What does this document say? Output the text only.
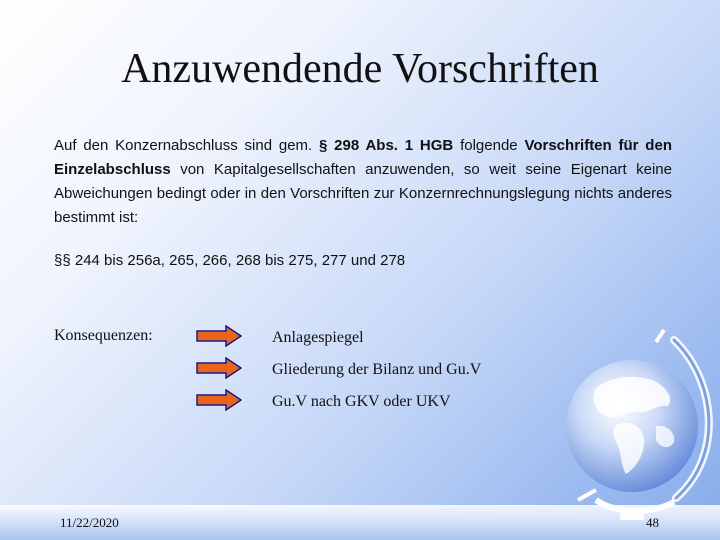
Anzuwendende Vorschriften
Auf den Konzernabschluss sind gem. § 298 Abs. 1 HGB folgende Vorschriften für den Einzelabschluss von Kapitalgesellschaften anzuwenden, so weit seine Eigenart keine Abweichungen bedingt oder in den Vorschriften zur Konzernrechnungslegung nichts anderes bestimmt ist:
§§ 244 bis 256a, 265, 266, 268 bis 275, 277 und 278
Konsequenzen:	Anlagespiegel
Gliederung der Bilanz und Gu.V
Gu.V nach GKV oder UKV
11/22/2020	48
